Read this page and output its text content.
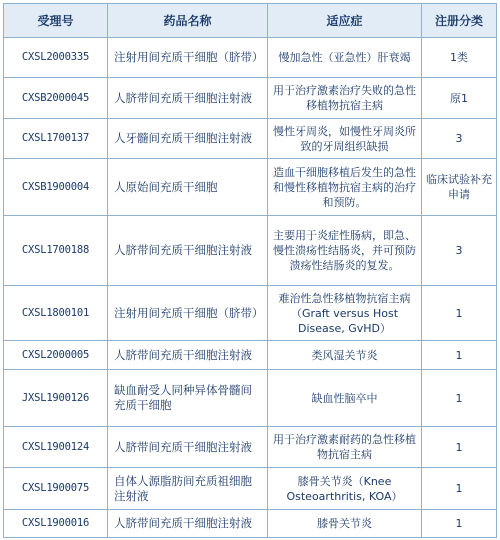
受理号	药品名称	适应症	注册分类
CXSL2000335	注射用间充质干细胞（脐带）	慢加急性（亚急性）肝衰竭	1类
CXSB2000045	人脐带间充质干细胞注射液	用于治疗激素治疗失败的急性移植物抗宿主病	原1
CXSL1700137	人牙髓间充质干细胞注射液	慢性牙周炎，如慢性牙周炎所致的牙周组织缺损	3
CXSB1900004	人原始间充质干细胞	造血干细胞移植后发生的急性和慢性移植物抗宿主病的治疗和预防。	临床试验补充申请
CXSL1700188	人脐带间充质干细胞注射液	主要用于炎症性肠病，即急、慢性溃疡性结肠炎，并可预防溃疡性结肠炎的复发。	3
CXSL1800101	注射用间充质干细胞（脐带）	难治性急性移植物抗宿主病（Graft versus Host Disease, GvHD）	1
CXSL2000005	人脐带间充质干细胞注射液	类风湿关节炎	1
JXSL1900126	缺血耐受人同种异体骨髓间充质干细胞	缺血性脑卒中	1
CXSL1900124	人脐带间充质干细胞注射液	用于治疗激素耐药的急性移植物抗宿主病	1
CXSL1900075	自体人源脂肪间充质祖细胞注射液	膝骨关节炎（Knee Osteoarthritis, KOA）	1
CXSL1900016	人脐带间充质干细胞注射液	膝骨关节炎	1
